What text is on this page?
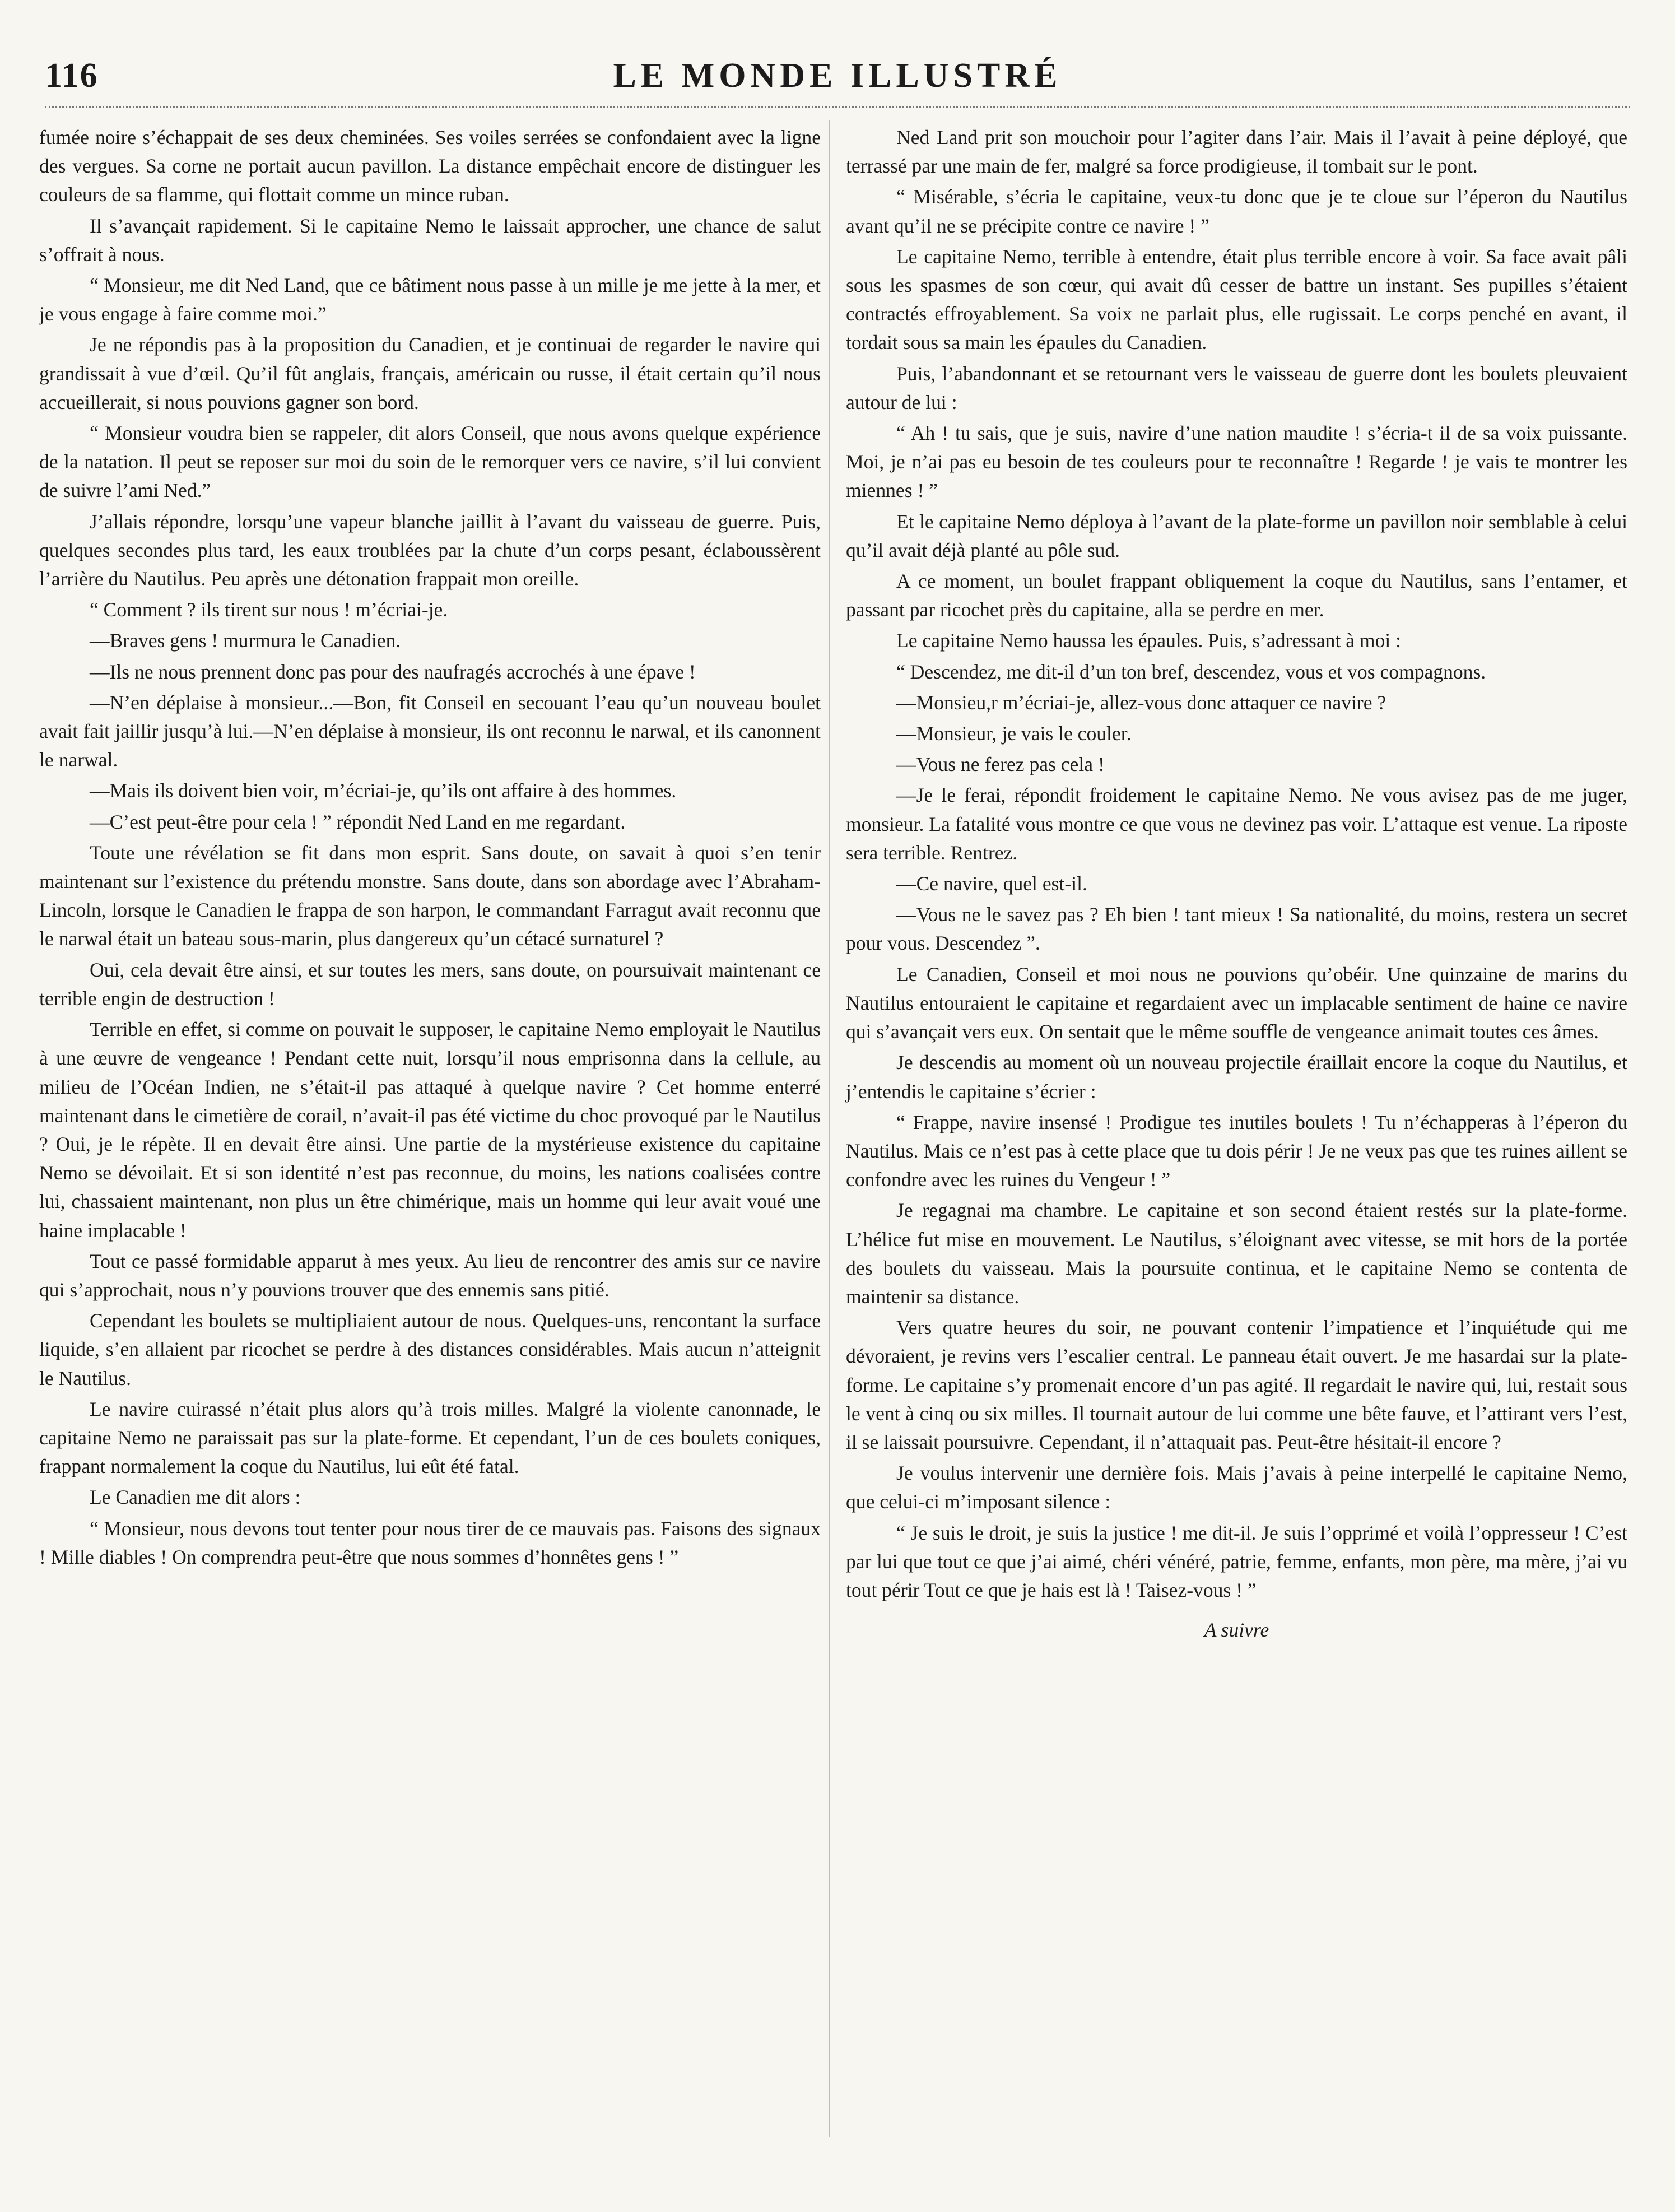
116	LE MONDE ILLUSTRÉ

fumée noire s’échappait de ses deux cheminées. Ses voiles serrées se confondaient avec la ligne des vergues. Sa corne ne portait aucun pavillon. La distance empêchait encore de distinguer les couleurs de sa flamme, qui flottait comme un mince ruban.

Il s’avançait rapidement. Si le capitaine Nemo le laissait approcher, une chance de salut s’offrait à nous.

“ Monsieur, me dit Ned Land, que ce bâtiment nous passe à un mille je me jette à la mer, et je vous engage à faire comme moi.”

Je ne répondis pas à la proposition du Canadien, et je continuai de regarder le navire qui grandissait à vue d’œil. Qu’il fût anglais, français, américain ou russe, il était certain qu’il nous accueillerait, si nous pouvions gagner son bord.

“ Monsieur voudra bien se rappeler, dit alors Conseil, que nous avons quelque expérience de la natation. Il peut se reposer sur moi du soin de le remorquer vers ce navire, s’il lui convient de suivre l’ami Ned.”

J’allais répondre, lorsqu’une vapeur blanche jaillit à l’avant du vaisseau de guerre. Puis, quelques secondes plus tard, les eaux troublées par la chute d’un corps pesant, éclaboussèrent l’arrière du Nautilus. Peu après une détonation frappait mon oreille.

“ Comment ? ils tirent sur nous ! m’écriai-je.

—Braves gens ! murmura le Canadien.

—Ils ne nous prennent donc pas pour des naufragés accrochés à une épave !

—N’en déplaise à monsieur...—Bon, fit Conseil en secouant l’eau qu’un nouveau boulet avait fait jaillir jusqu’à lui.—N’en déplaise à monsieur, ils ont reconnu le narwal, et ils canonnent le narwal.

—Mais ils doivent bien voir, m’écriai-je, qu’ils ont affaire à des hommes.

—C’est peut-être pour cela ! ” répondit Ned Land en me regardant.

Toute une révélation se fit dans mon esprit. Sans doute, on savait à quoi s’en tenir maintenant sur l’existence du prétendu monstre. Sans doute, dans son abordage avec l’Abraham-Lincoln, lorsque le Canadien le frappa de son harpon, le commandant Farragut avait reconnu que le narwal était un bateau sous-marin, plus dangereux qu’un cétacé surnaturel ?

Oui, cela devait être ainsi, et sur toutes les mers, sans doute, on poursuivait maintenant ce terrible engin de destruction !

Terrible en effet, si comme on pouvait le supposer, le capitaine Nemo employait le Nautilus à une œuvre de vengeance ! Pendant cette nuit, lorsqu’il nous emprisonna dans la cellule, au milieu de l’Océan Indien, ne s’était-il pas attaqué à quelque navire ? Cet homme enterré maintenant dans le cimetière de corail, n’avait-il pas été victime du choc provoqué par le Nautilus ? Oui, je le répète. Il en devait être ainsi. Une partie de la mystérieuse existence du capitaine Nemo se dévoilait. Et si son identité n’est pas reconnue, du moins, les nations coalisées contre lui, chassaient maintenant, non plus un être chimérique, mais un homme qui leur avait voué une haine implacable !

Tout ce passé formidable apparut à mes yeux. Au lieu de rencontrer des amis sur ce navire qui s’approchait, nous n’y pouvions trouver que des ennemis sans pitié.

Cependant les boulets se multipliaient autour de nous. Quelques-uns, rencontant la surface liquide, s’en allaient par ricochet se perdre à des distances considérables. Mais aucun n’atteignit le Nautilus.

Le navire cuirassé n’était plus alors qu’à trois milles. Malgré la violente canonnade, le capitaine Nemo ne paraissait pas sur la plate-forme. Et cependant, l’un de ces boulets coniques, frappant normalement la coque du Nautilus, lui eût été fatal.

Le Canadien me dit alors :

“ Monsieur, nous devons tout tenter pour nous tirer de ce mauvais pas. Faisons des signaux ! Mille diables ! On comprendra peut-être que nous sommes d’honnêtes gens ! ”

Ned Land prit son mouchoir pour l’agiter dans l’air. Mais il l’avait à peine déployé, que terrassé par une main de fer, malgré sa force prodigieuse, il tombait sur le pont.

“ Misérable, s’écria le capitaine, veux-tu donc que je te cloue sur l’éperon du Nautilus avant qu’il ne se précipite contre ce navire ! ”

Le capitaine Nemo, terrible à entendre, était plus terrible encore à voir. Sa face avait pâli sous les spasmes de son cœur, qui avait dû cesser de battre un instant. Ses pupilles s’étaient contractés effroyablement. Sa voix ne parlait plus, elle rugissait. Le corps penché en avant, il tordait sous sa main les épaules du Canadien.

Puis, l’abandonnant et se retournant vers le vaisseau de guerre dont les boulets pleuvaient autour de lui :

“ Ah ! tu sais, que je suis, navire d’une nation maudite ! s’écria-t il de sa voix puissante. Moi, je n’ai pas eu besoin de tes couleurs pour te reconnaître ! Regarde ! je vais te montrer les miennes ! ”

Et le capitaine Nemo déploya à l’avant de la plate-forme un pavillon noir semblable à celui qu’il avait déjà planté au pôle sud.

A ce moment, un boulet frappant obliquement la coque du Nautilus, sans l’entamer, et passant par ricochet près du capitaine, alla se perdre en mer.

Le capitaine Nemo haussa les épaules. Puis, s’adressant à moi :

“ Descendez, me dit-il d’un ton bref, descendez, vous et vos compagnons.

—Monsieu,r m’écriai-je, allez-vous donc attaquer ce navire ?

—Monsieur, je vais le couler.

—Vous ne ferez pas cela !

—Je le ferai, répondit froidement le capitaine Nemo. Ne vous avisez pas de me juger, monsieur. La fatalité vous montre ce que vous ne devinez pas voir. L’attaque est venue. La riposte sera terrible. Rentrez.

—Ce navire, quel est-il.

—Vous ne le savez pas ? Eh bien ! tant mieux ! Sa nationalité, du moins, restera un secret pour vous. Descendez ”.

Le Canadien, Conseil et moi nous ne pouvions qu’obéir. Une quinzaine de marins du Nautilus entouraient le capitaine et regardaient avec un implacable sentiment de haine ce navire qui s’avançait vers eux. On sentait que le même souffle de vengeance animait toutes ces âmes.

Je descendis au moment où un nouveau projectile éraillait encore la coque du Nautilus, et j’entendis le capitaine s’écrier :

“ Frappe, navire insensé ! Prodigue tes inutiles boulets ! Tu n’échapperas à l’éperon du Nautilus. Mais ce n’est pas à cette place que tu dois périr ! Je ne veux pas que tes ruines aillent se confondre avec les ruines du Vengeur ! ”

Je regagnai ma chambre. Le capitaine et son second étaient restés sur la plate-forme. L’hélice fut mise en mouvement. Le Nautilus, s’éloignant avec vitesse, se mit hors de la portée des boulets du vaisseau. Mais la poursuite continua, et le capitaine Nemo se contenta de maintenir sa distance.

Vers quatre heures du soir, ne pouvant contenir l’impatience et l’inquiétude qui me dévoraient, je revins vers l’escalier central. Le panneau était ouvert. Je me hasardai sur la plate-forme. Le capitaine s’y promenait encore d’un pas agité. Il regardait le navire qui, lui, restait sous le vent à cinq ou six milles. Il tournait autour de lui comme une bête fauve, et l’attirant vers l’est, il se laissait poursuivre. Cependant, il n’attaquait pas. Peut-être hésitait-il encore ?

Je voulus intervenir une dernière fois. Mais j’avais à peine interpellé le capitaine Nemo, que celui-ci m’imposant silence :

“ Je suis le droit, je suis la justice ! me dit-il. Je suis l’opprimé et voilà l’oppresseur ! C’est par lui que tout ce que j’ai aimé, chéri vénéré, patrie, femme, enfants, mon père, ma mère, j’ai vu tout périr Tout ce que je hais est là ! Taisez-vous ! ”

A suivre
